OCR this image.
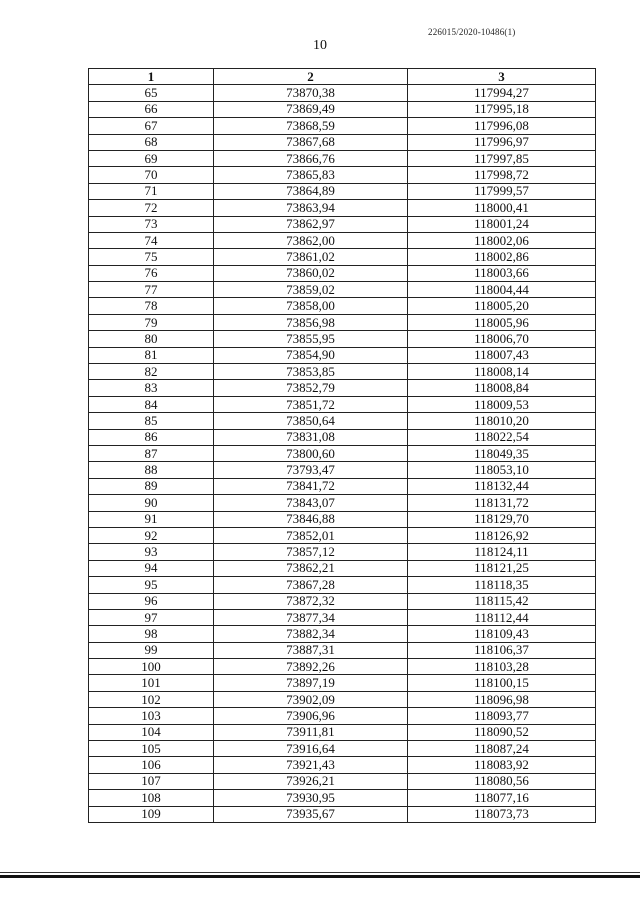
226015/2020-10486(1)
10
1	2	3
65	73870,38	117994,27
66	73869,49	117995,18
67	73868,59	117996,08
68	73867,68	117996,97
69	73866,76	117997,85
70	73865,83	117998,72
71	73864,89	117999,57
72	73863,94	118000,41
73	73862,97	118001,24
74	73862,00	118002,06
75	73861,02	118002,86
76	73860,02	118003,66
77	73859,02	118004,44
78	73858,00	118005,20
79	73856,98	118005,96
80	73855,95	118006,70
81	73854,90	118007,43
82	73853,85	118008,14
83	73852,79	118008,84
84	73851,72	118009,53
85	73850,64	118010,20
86	73831,08	118022,54
87	73800,60	118049,35
88	73793,47	118053,10
89	73841,72	118132,44
90	73843,07	118131,72
91	73846,88	118129,70
92	73852,01	118126,92
93	73857,12	118124,11
94	73862,21	118121,25
95	73867,28	118118,35
96	73872,32	118115,42
97	73877,34	118112,44
98	73882,34	118109,43
99	73887,31	118106,37
100	73892,26	118103,28
101	73897,19	118100,15
102	73902,09	118096,98
103	73906,96	118093,77
104	73911,81	118090,52
105	73916,64	118087,24
106	73921,43	118083,92
107	73926,21	118080,56
108	73930,95	118077,16
109	73935,67	118073,73
